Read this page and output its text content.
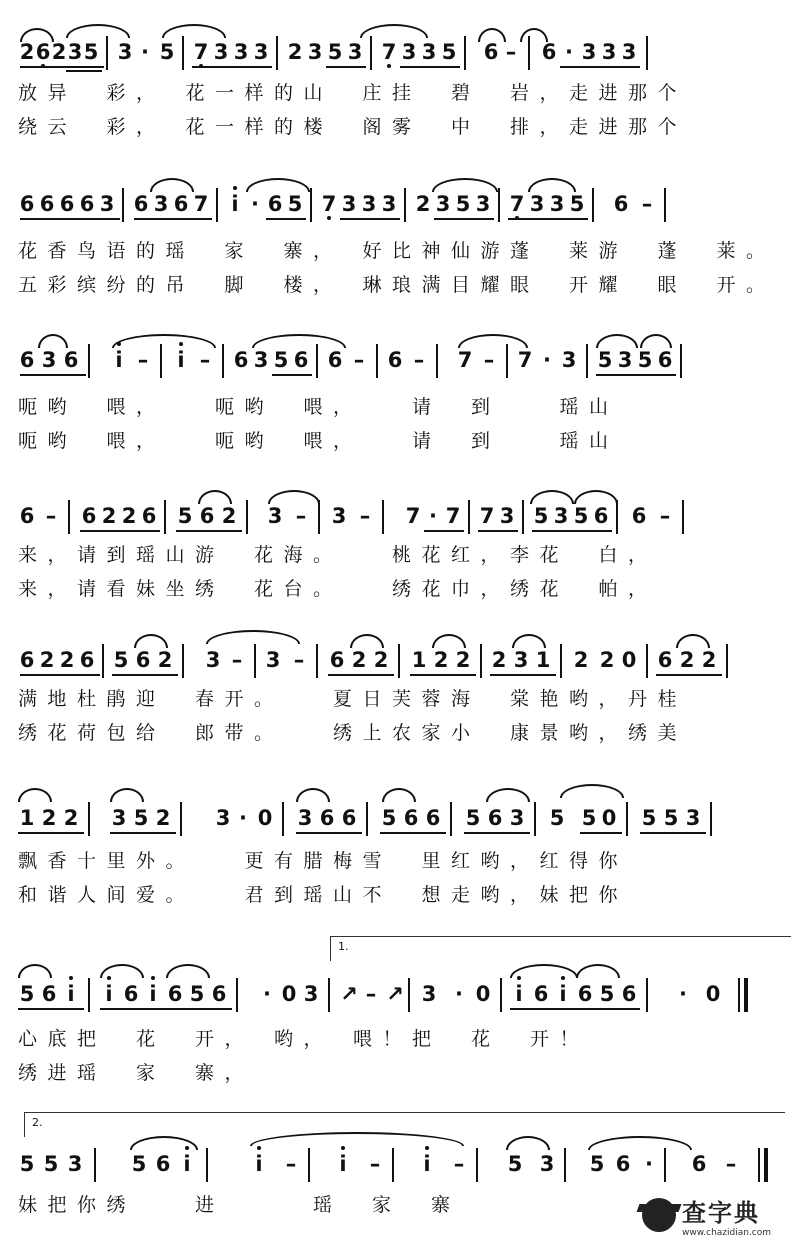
2 6 2 3 5 3 · 5 7 3 3 3 2 3 5 3 7 3 3 5 6 – 6 · 3 3 3
放异　彩，　花一样的山　庄挂　碧　岩，走进那个
绕云　彩，　花一样的楼　阁雾　中　排，走进那个
6 6 6 6 3 6 3 6 7 i · 6 5 7 3 3 3 2 3 5 3 7 3 3 5 6 –
花香鸟语的瑶　家　寨，　好比神仙游蓬　莱游　蓬　莱。
五彩缤纷的吊　脚　楼，　琳琅满目耀眼　开耀　眼　开。
6 3 6 i – i – 6 3 5 6 6 – 6 – 7 – 7 · 3 5 3 5 6
呃哟　喂，　　呃哟　喂，　　请　到　　瑶山
呃哟　喂，　　呃哟　喂，　　请　到　　瑶山
6 – 6 2 2 6 5 6 2 3 – 3 – 7 · 7 7 3 5 3 5 6 6 –
来，请到瑶山游　花海。　　桃花红，李花　白，
来，请看妹坐绣　花台。　　绣花巾，绣花　帕，
6 2 2 6 5 6 2 3 – 3 – 6 2 2 1 2 2 2 3 1 2 2 0 6 2 2
满地杜鹃迎　春开。　　夏日芙蓉海　棠艳哟，丹桂
绣花荷包给　郎带。　　绣上农家小　康景哟，绣美
1 2 2 3 5 2 3 · 0 3 6 6 5 6 6 5 6 3 5 5 0 5 5 3
飘香十里外。　　更有腊梅雪　里红哟，红得你
和谐人间爱。　　君到瑶山不　想走哟，妹把你
1.
5 6 i i 6 i 6 5 6 · 0 3 ↗ – ↗ 3 · 0 i 6 i 6 5 6 · 0
心底把　花　开，　哟，　喂！把　花　开！
绣进瑶　家　寨，
2.
5 5 3 5 6 i	i – i – i – 5 3 5 6 · 6 –
妹把你绣　　进　　　瑶　家　寨	查字典
www.chazidian.com
